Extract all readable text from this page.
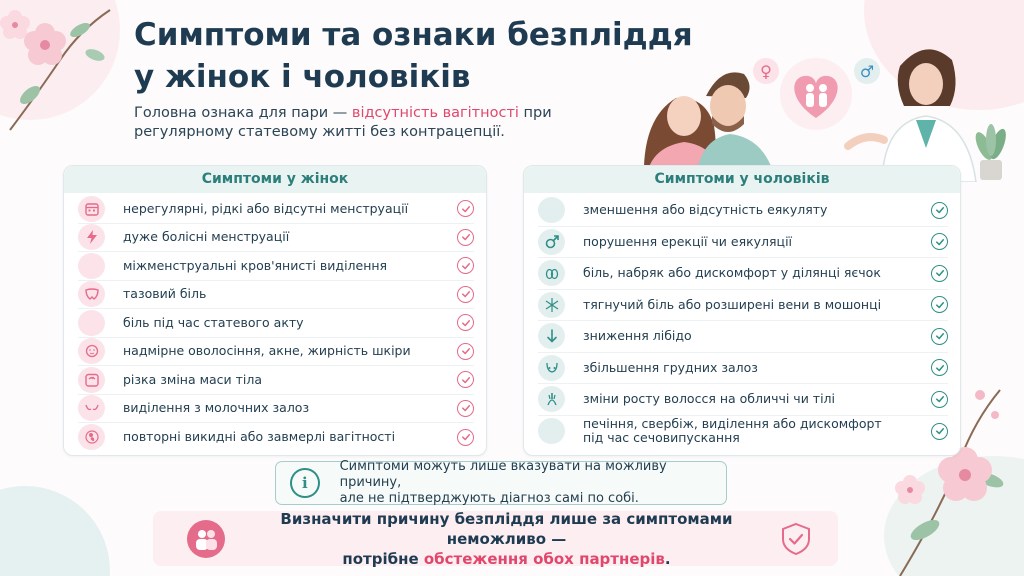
Симптоми та ознаки безпліддя
у жінок і чоловіків

Головна ознака для пари — відсутність вагітності при регулярному статевому житті без контрацепції.

♀	♂
Симптоми у жінок
нерегулярні, рідкі або відсутні менструації
дуже болісні менструації
міжменструальні кров'янисті виділення
тазовий біль
біль під час статевого акту
надмірне оволосіння, акне, жирність шкіри
різка зміна маси тіла
виділення з молочних залоз
повторні викидні або завмерлі вагітності
Симптоми у чоловіків
зменшення або відсутність еякуляту
порушення ерекції чи еякуляції
біль, набряк або дискомфорт у ділянці яєчок
тягнучий біль або розширені вени в мошонці
зниження лібідо
збільшення грудних залоз
зміни росту волосся на обличчі чи тілі
печіння, свербіж, виділення або дискомфорт
під час сечовипускання
i
Симптоми можуть лише вказувати на можливу причину,
але не підтверджують діагноз самі по собі.
Визначити причину безпліддя лише за симптомами неможливо —
потрібне обстеження обох партнерів.
